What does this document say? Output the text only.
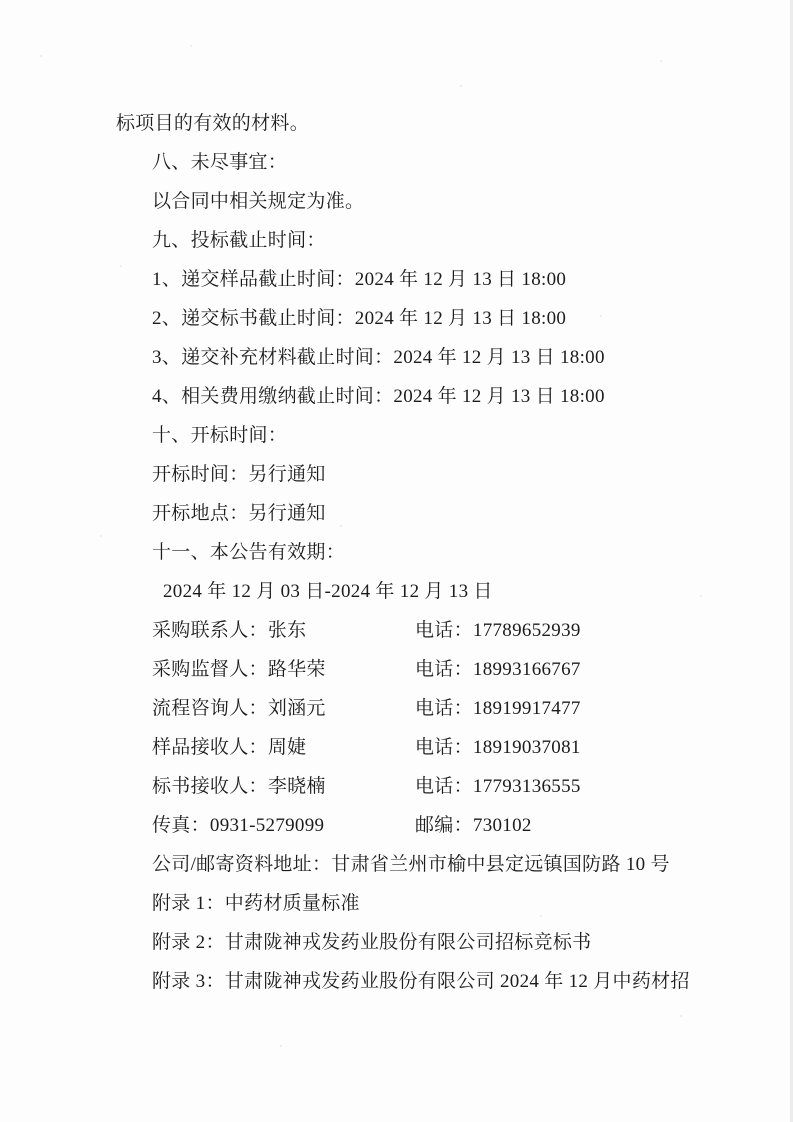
标项目的有效的材料。

八、未尽事宜：

以合同中相关规定为准。

九、投标截止时间：

1、递交样品截止时间：2024 年 12 月 13 日 18:00

2、递交标书截止时间：2024 年 12 月 13 日 18:00

3、递交补充材料截止时间：2024 年 12 月 13 日 18:00

4、相关费用缴纳截止时间：2024 年 12 月 13 日 18:00

十、开标时间：

开标时间：另行通知

开标地点：另行通知

十一、本公告有效期：

2024 年 12 月 03 日-2024 年 12 月 13 日

采购联系人：张东	电话：17789652939
采购监督人：路华荣	电话：18993166767
流程咨询人：刘涵元	电话：18919917477
样品接收人：周婕	电话：18919037081
标书接收人：李晓楠	电话：17793136555
传真：0931-5279099	邮编：730102

公司/邮寄资料地址：甘肃省兰州市榆中县定远镇国防路 10 号

附录 1：中药材质量标准

附录 2：甘肃陇神戎发药业股份有限公司招标竞标书

附录 3：甘肃陇神戎发药业股份有限公司 2024 年 12 月中药材招
